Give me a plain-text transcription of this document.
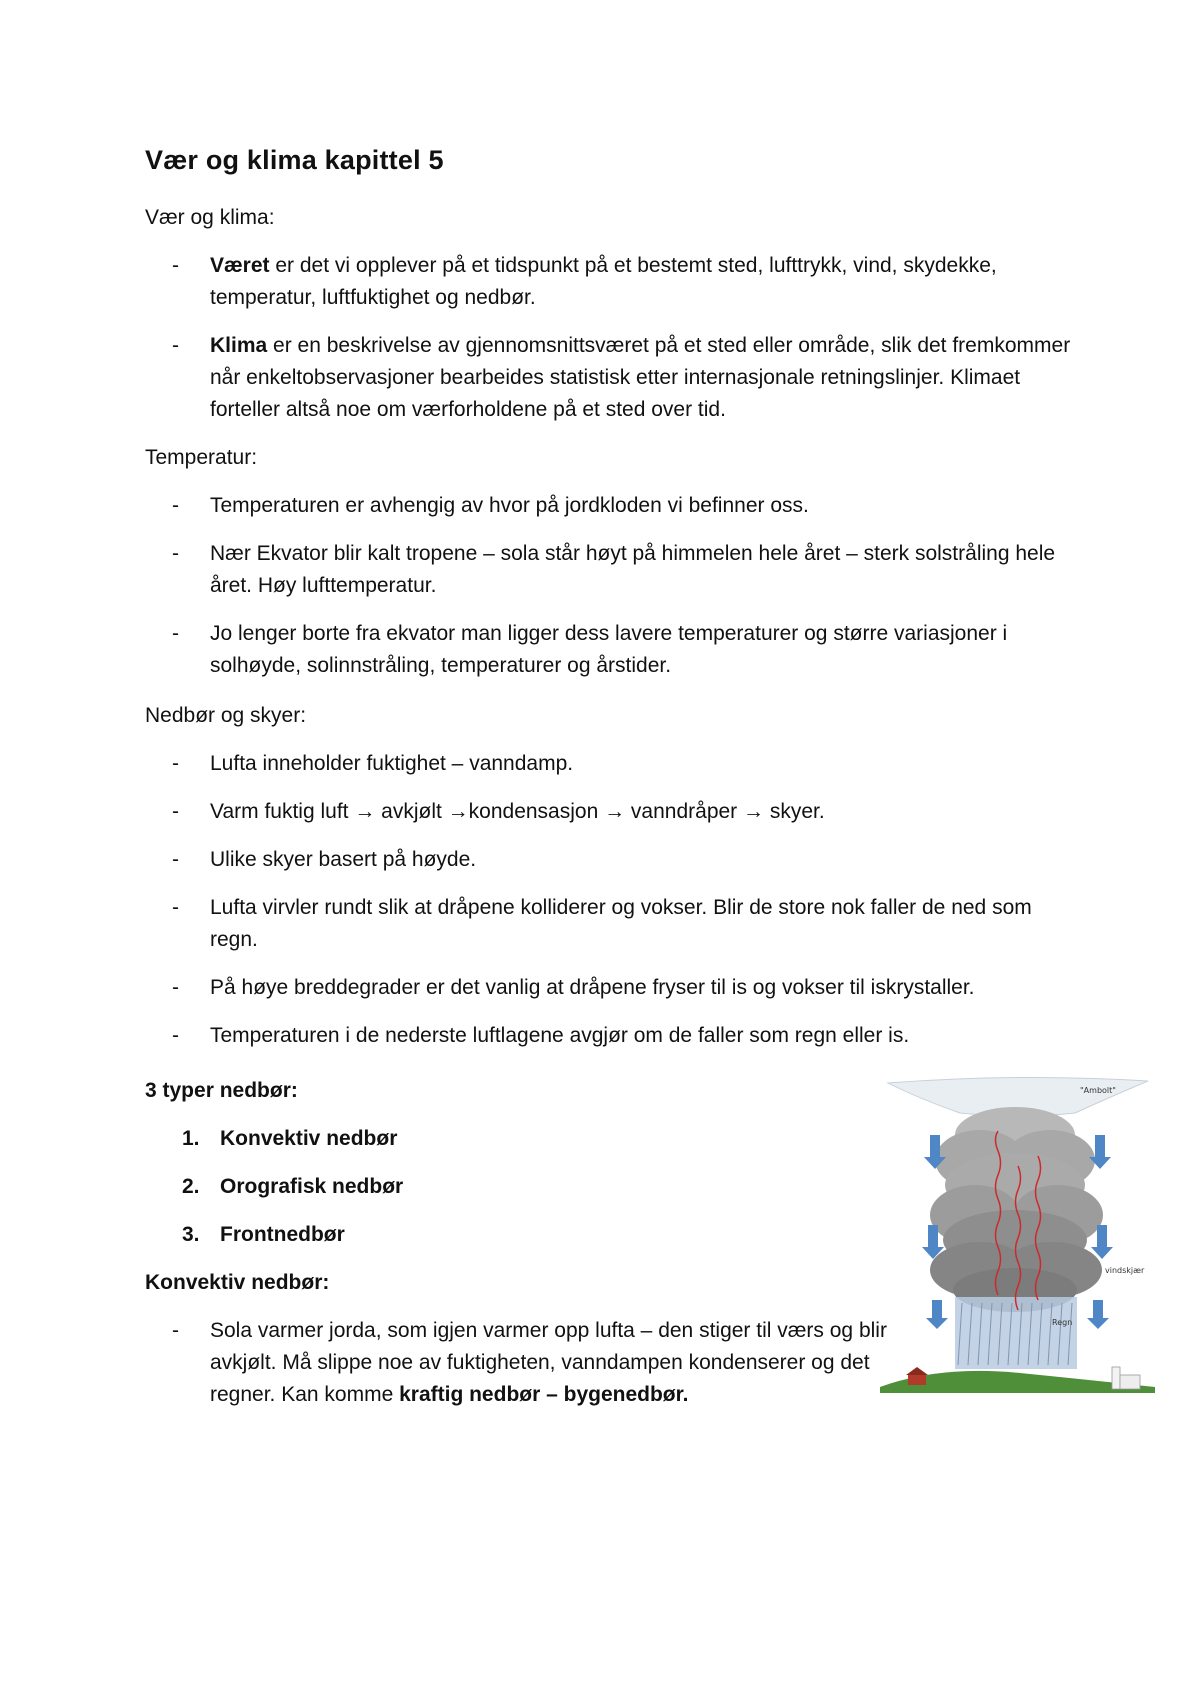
Vær og klima kapittel 5

Vær og klima:

- Været er det vi opplever på et tidspunkt på et bestemt sted, lufttrykk, vind, skydekke, temperatur, luftfuktighet og nedbør.
- Klima er en beskrivelse av gjennomsnittsværet på et sted eller område, slik det fremkommer når enkeltobservasjoner bearbeides statistisk etter internasjonale retningslinjer. Klimaet forteller altså noe om værforholdene på et sted over tid.

Temperatur:

- Temperaturen er avhengig av hvor på jordkloden vi befinner oss.
- Nær Ekvator blir kalt tropene – sola står høyt på himmelen hele året – sterk solstråling hele året. Høy lufttemperatur.
- Jo lenger borte fra ekvator man ligger dess lavere temperaturer og større variasjoner i solhøyde, solinnstråling, temperaturer og årstider.

Nedbør og skyer:

- Lufta inneholder fuktighet – vanndamp.
- Varm fuktig luft → avkjølt →kondensasjon → vanndråper → skyer.
- Ulike skyer basert på høyde.
- Lufta virvler rundt slik at dråpene kolliderer og vokser. Blir de store nok faller de ned som regn.
- På høye breddegrader er det vanlig at dråpene fryser til is og vokser til iskrystaller.
- Temperaturen i de nederste luftlagene avgjør om de faller som regn eller is.

3 typer nedbør:

1. Konvektiv nedbør
2. Orografisk nedbør
3. Frontnedbør

Konvektiv nedbør:

- Sola varmer jorda, som igjen varmer opp lufta – den stiger til værs og blir avkjølt. Må slippe noe av fuktigheten, vanndampen kondenserer og det regner. Kan komme kraftig nedbør – bygenedbør.
"Ambolt"
Regn
vindskjær
